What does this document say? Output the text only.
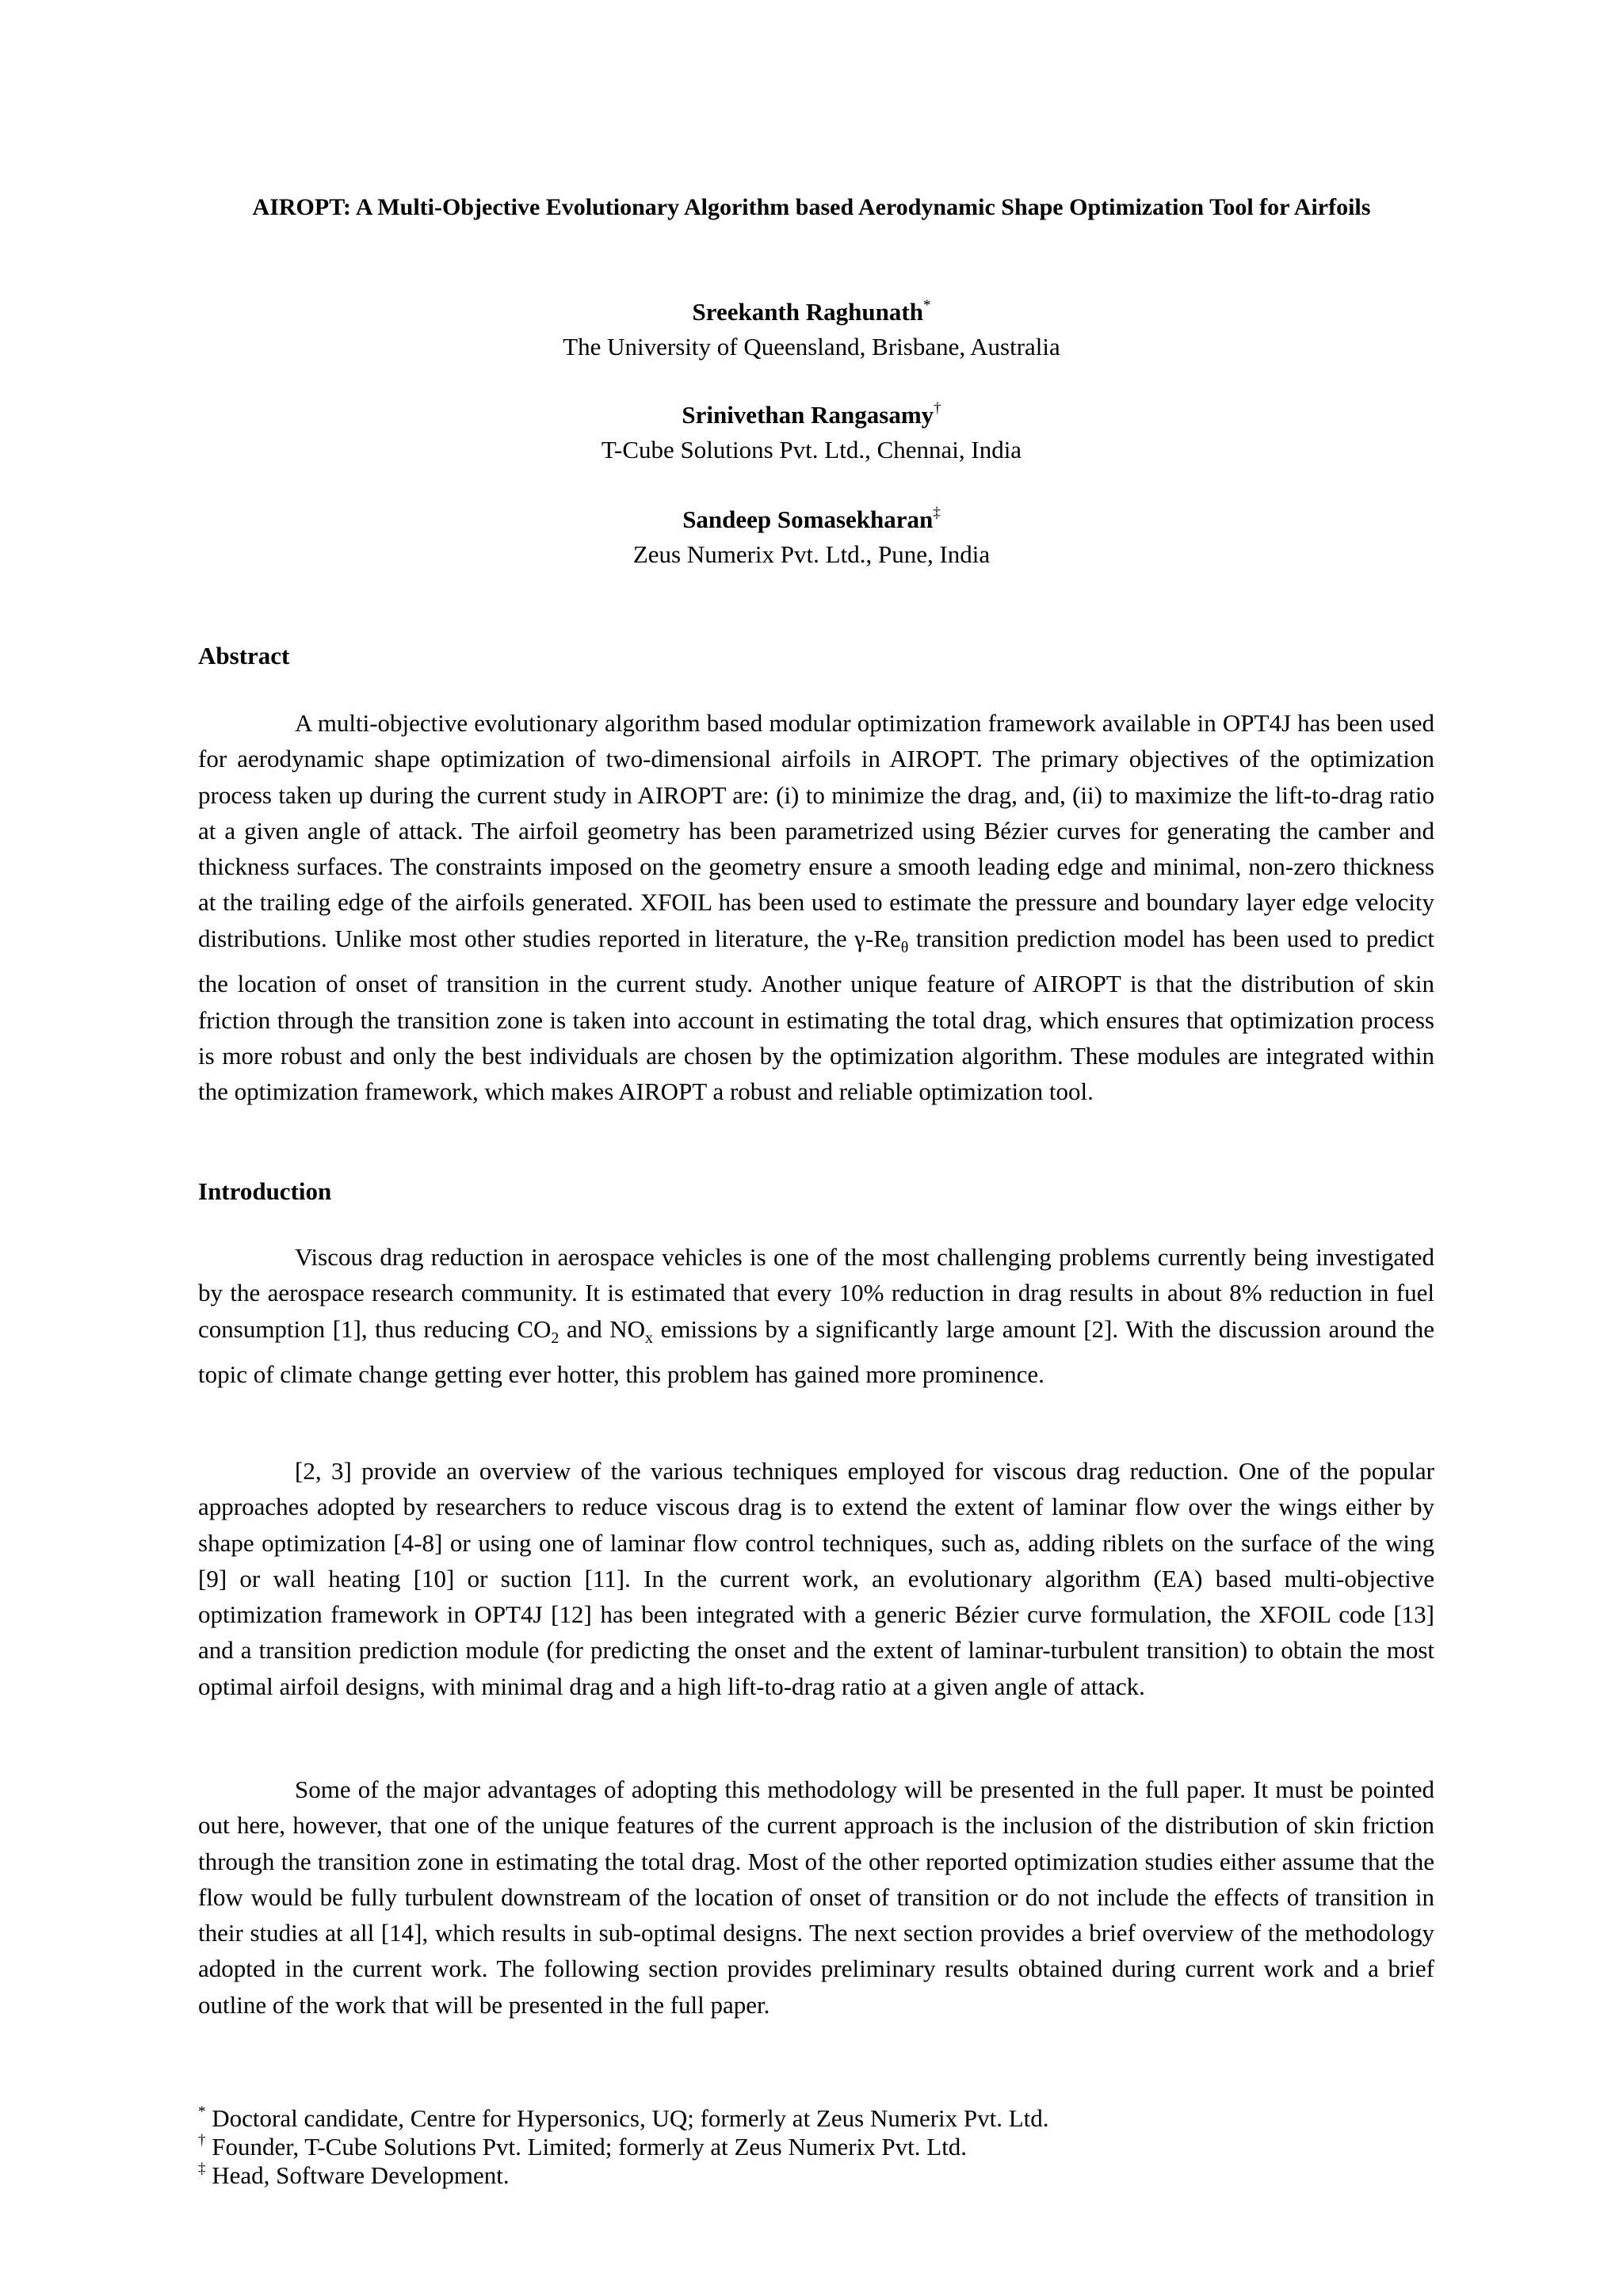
AIROPT: A Multi-Objective Evolutionary Algorithm based Aerodynamic Shape Optimization Tool for Airfoils
Sreekanth Raghunath*
The University of Queensland, Brisbane, Australia
Srinivethan Rangasamy†
T-Cube Solutions Pvt. Ltd., Chennai, India
Sandeep Somasekharan‡
Zeus Numerix Pvt. Ltd., Pune, India
Abstract

A multi-objective evolutionary algorithm based modular optimization framework available in OPT4J has been used for aerodynamic shape optimization of two-dimensional airfoils in AIROPT. The primary objectives of the optimization process taken up during the current study in AIROPT are: (i) to minimize the drag, and, (ii) to maximize the lift-to-drag ratio at a given angle of attack. The airfoil geometry has been parametrized using Bézier curves for generating the camber and thickness surfaces. The constraints imposed on the geometry ensure a smooth leading edge and minimal, non-zero thickness at the trailing edge of the airfoils generated. XFOIL has been used to estimate the pressure and boundary layer edge velocity distributions. Unlike most other studies reported in literature, the $\gamma-Re_\theta$ transition prediction model has been used to predict the location of onset of transition in the current study. Another unique feature of AIROPT is that the distribution of skin friction through the transition zone is taken into account in estimating the total drag, which ensures that optimization process is more robust and only the best individuals are chosen by the optimization algorithm. These modules are integrated within the optimization framework, which makes AIROPT a robust and reliable optimization tool.

Introduction

Viscous drag reduction in aerospace vehicles is one of the most challenging problems currently being investigated by the aerospace research community. It is estimated that every 10% reduction in drag results in about 8% reduction in fuel consumption [1], thus reducing $CO_2$ and $NO_x$ emissions by a significantly large amount [2]. With the discussion around the topic of climate change getting ever hotter, this problem has gained more prominence.

[2, 3] provide an overview of the various techniques employed for viscous drag reduction. One of the popular approaches adopted by researchers to reduce viscous drag is to extend the extent of laminar flow over the wings either by shape optimization [4-8] or using one of laminar flow control techniques, such as, adding riblets on the surface of the wing [9] or wall heating [10] or suction [11]. In the current work, an evolutionary algorithm (EA) based multi-objective optimization framework in OPT4J [12] has been integrated with a generic Bézier curve formulation, the XFOIL code [13] and a transition prediction module (for predicting the onset and the extent of laminar-turbulent transition) to obtain the most optimal airfoil designs, with minimal drag and a high lift-to-drag ratio at a given angle of attack.

Some of the major advantages of adopting this methodology will be presented in the full paper. It must be pointed out here, however, that one of the unique features of the current approach is the inclusion of the distribution of skin friction through the transition zone in estimating the total drag. Most of the other reported optimization studies either assume that the flow would be fully turbulent downstream of the location of onset of transition or do not include the effects of transition in their studies at all [14], which results in sub-optimal designs. The next section provides a brief overview of the methodology adopted in the current work. The following section provides preliminary results obtained during current work and a brief outline of the work that will be presented in the full paper.

* Doctoral candidate, Centre for Hypersonics, UQ; formerly at Zeus Numerix Pvt. Ltd.
† Founder, T-Cube Solutions Pvt. Limited; formerly at Zeus Numerix Pvt. Ltd.
‡ Head, Software Development.
